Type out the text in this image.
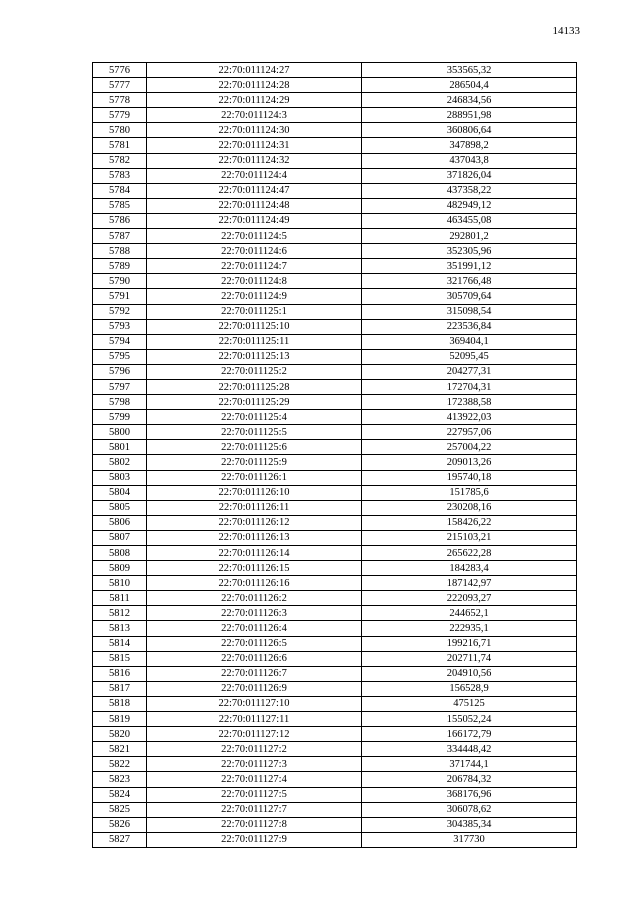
14133
5776	22:70:011124:27	353565,32
5777	22:70:011124:28	286504,4
5778	22:70:011124:29	246834,56
5779	22:70:011124:3	288951,98
5780	22:70:011124:30	360806,64
5781	22:70:011124:31	347898,2
5782	22:70:011124:32	437043,8
5783	22:70:011124:4	371826,04
5784	22:70:011124:47	437358,22
5785	22:70:011124:48	482949,12
5786	22:70:011124:49	463455,08
5787	22:70:011124:5	292801,2
5788	22:70:011124:6	352305,96
5789	22:70:011124:7	351991,12
5790	22:70:011124:8	321766,48
5791	22:70:011124:9	305709,64
5792	22:70:011125:1	315098,54
5793	22:70:011125:10	223536,84
5794	22:70:011125:11	369404,1
5795	22:70:011125:13	52095,45
5796	22:70:011125:2	204277,31
5797	22:70:011125:28	172704,31
5798	22:70:011125:29	172388,58
5799	22:70:011125:4	413922,03
5800	22:70:011125:5	227957,06
5801	22:70:011125:6	257004,22
5802	22:70:011125:9	209013,26
5803	22:70:011126:1	195740,18
5804	22:70:011126:10	151785,6
5805	22:70:011126:11	230208,16
5806	22:70:011126:12	158426,22
5807	22:70:011126:13	215103,21
5808	22:70:011126:14	265622,28
5809	22:70:011126:15	184283,4
5810	22:70:011126:16	187142,97
5811	22:70:011126:2	222093,27
5812	22:70:011126:3	244652,1
5813	22:70:011126:4	222935,1
5814	22:70:011126:5	199216,71
5815	22:70:011126:6	202711,74
5816	22:70:011126:7	204910,56
5817	22:70:011126:9	156528,9
5818	22:70:011127:10	475125
5819	22:70:011127:11	155052,24
5820	22:70:011127:12	166172,79
5821	22:70:011127:2	334448,42
5822	22:70:011127:3	371744,1
5823	22:70:011127:4	206784,32
5824	22:70:011127:5	368176,96
5825	22:70:011127:7	306078,62
5826	22:70:011127:8	304385,34
5827	22:70:011127:9	317730
